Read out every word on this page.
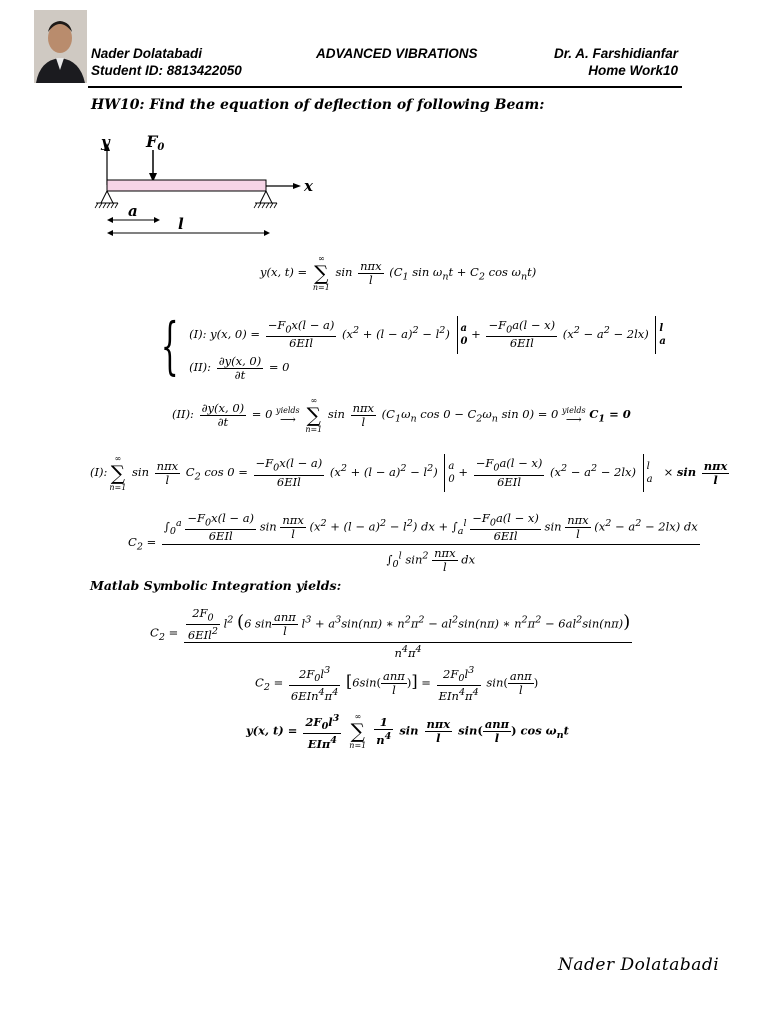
Nader Dolatabadi
Student ID: 8813422050
ADVANCED VIBRATIONS	Dr. A. Farshidianfar
Home Work10
HW10: Find the equation of deflection of following Beam:
y F0
x
a
l
y(x, t) =
∞
∑
n=1
$\sin \frac{\text{nπx}}{l} (C_1$ $\sin \omega_nt + C_2$ $\cos \omega_nt$)
{ (I): y(x, $0) = \frac{-F_0x(l - a)}{\text{6EIl}} (x^2 + (l - a)^2 - l^2)$ a
0
+ $\frac{-F_0a(l - x)}{\text{6EIl}} (x^2 - a^2 - 2lx)$ l
a
(II): $\frac{\partial y(x, 0)}{\partial t} = 0$
(II): $\frac{\partial y(x, 0)}{\partial t} = 0$ yields
⟶

∞
∑
n=1
$\sin \frac{\text{nπx}}{l} (C_1\omega_n$ $\cos 0 - C_2\omega_n$ sin 0) = 0 yields
⟶ $C_1 = 0$
(I):
∞
∑
n=1
$\sin \frac{\text{nπx}}{l} C_2$ $\cos 0 = \frac{-F_0x(l - a)}{\text{6EIl}} (x^2 + (l - a)^2 - l^2)$ a
0
+ $\frac{-F_0a(l - x)}{\text{6EIl}} (x^2 - a^2 - 2lx)$ l
a
× $\sin \frac{\text{nπx}}{l}$
$C_2$ =
$\int_0^a \frac{-F_0x(l - a)}{\text{6EIl}}$ $\sin \frac{\text{nπx}}{l} (x^2 + (l - a)^2 - l^2)$ dx + $\int_a^l \frac{-F_0a(l - x)}{\text{6EIl}}$ $\sin \frac{\text{nπx}}{l} (x^2 - a^2 - 2lx)$ dx
$\int_0^l$ $\sin^2 \frac{\text{nπx}}{l}$ dx
Matlab Symbolic Integration yields:
$C_2 = \frac{2F_0}{6EIl^2} l^2$ (6 $\sin \frac{\text{anπ}}{l} l^3 + a^3\sin(n\pi)$ ∗ $n^2\pi^2 - al^2\sin(n\pi)$ ∗ $n^2\pi^2 - 6al^2\sin(n\pi)$)
$n^4\pi^4$
$C_2 = \frac{2F_0l^3}{6EIn^4\pi^4} [6\sin( \frac{\text{anπ}}{l}$ )] = $\frac{2F_0l^3}{EIn^4\pi^4} \sin( \frac{\text{anπ}}{l}$ )
y(x, $t) = \frac{2F_0l^3}{EI\pi^4}$
	∞
∑
n=1
$\frac{1}{n^4}$ $\sin \frac{\text{nπx}}{l} \sin( \frac{\text{anπ}}{l}$ ) $\cos \omega_nt$
Nader Dolatabadi
